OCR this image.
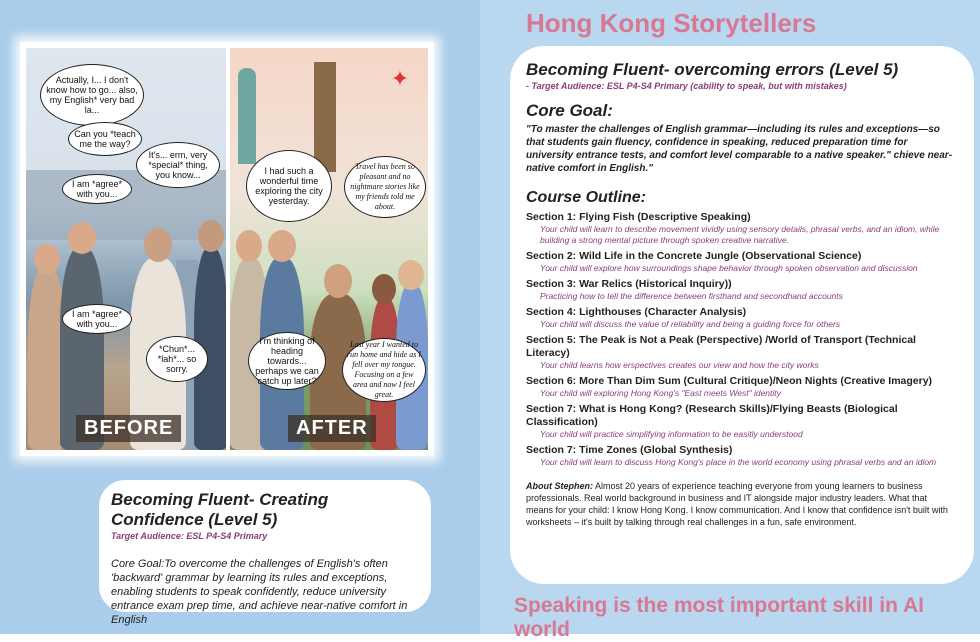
Actually, I... I don't know how to go... also, my English* very bad la...
Can you *teach me the way?
It's... erm, very *special* thing, you know...
I am *agree* with you...
I am *agree* with you...
*Chun*... *lah*... so sorry.
BEFORE
✦
I had such a wonderful time exploring the city yesterday.
Travel has been so pleasant and no nightmare stories like my friends told me about.
I'm thinking of heading towards... perhaps we can catch up later?
Last year I wanted to run home and hide as I fell over my tongue. Focusing on a few area and now I feel great.
AFTER
Becoming Fluent- Creating Confidence (Level 5)
Target Audience: ESL P4-S4 Primary
Core Goal:To overcome the challenges of English's often 'backward' grammar by learning its rules and exceptions, enabling students to speak confidently, reduce university entrance exam prep time, and achieve near-native comfort in English
Hong Kong Storytellers
Becoming Fluent- overcoming errors (Level 5)
- Target Audience: ESL P4-S4 Primary (cability to speak, but with mistakes)
Core Goal:
"To master the challenges of English grammar—including its rules and exceptions—so that students gain fluency, confidence in speaking, reduced preparation time for university entrance tests, and comfort level comparable to a native speaker." chieve near-native comfort in English."
Course Outline:
Section 1: Flying Fish (Descriptive Speaking)
Your child will learn to describe movement vividly using sensory details, phrasal verbs, and an idiom, while building a strong mental picture through spoken creative narrative.
Section 2: Wild Life in the Concrete Jungle (Observational Science)
Your child will explore how surroundings shape behavior through spoken observation and discussion
Section 3: War Relics (Historical Inquiry))
Practicing how to tell the difference between firsthand and secondhand accounts
Section 4: Lighthouses (Character Analysis)
Your child will discuss the value of reliability and being a guiding force for others
Section 5: The Peak is Not a Peak (Perspective) /World of Transport (Technical Literacy)
Your child learns how erspectives creates our view and how the city works
Section 6: More Than Dim Sum (Cultural Critique)/Neon Nights (Creative Imagery)
Your child will exploring Hong Kong's "East meets West" identity
Section 7: What is Hong Kong? (Research Skills)/Flying Beasts (Biological Classification)
Your child will practice simplifying information to be easitly understood
Section 7: Time Zones (Global Synthesis)
Your child will learn to discuss Hong Kong's place in the world economy using phrasal verbs and an idiom
About Stephen: Almost 20 years of experience teaching everyone from young learners to business professionals. Real world background in business and IT alongside major industry leaders. What that means for your child: I know Hong Kong. I know communication. And I know that confidence isn't built with worksheets – it's built by talking through real challenges in a fun, safe environment.
Speaking is the most important skill in AI world
